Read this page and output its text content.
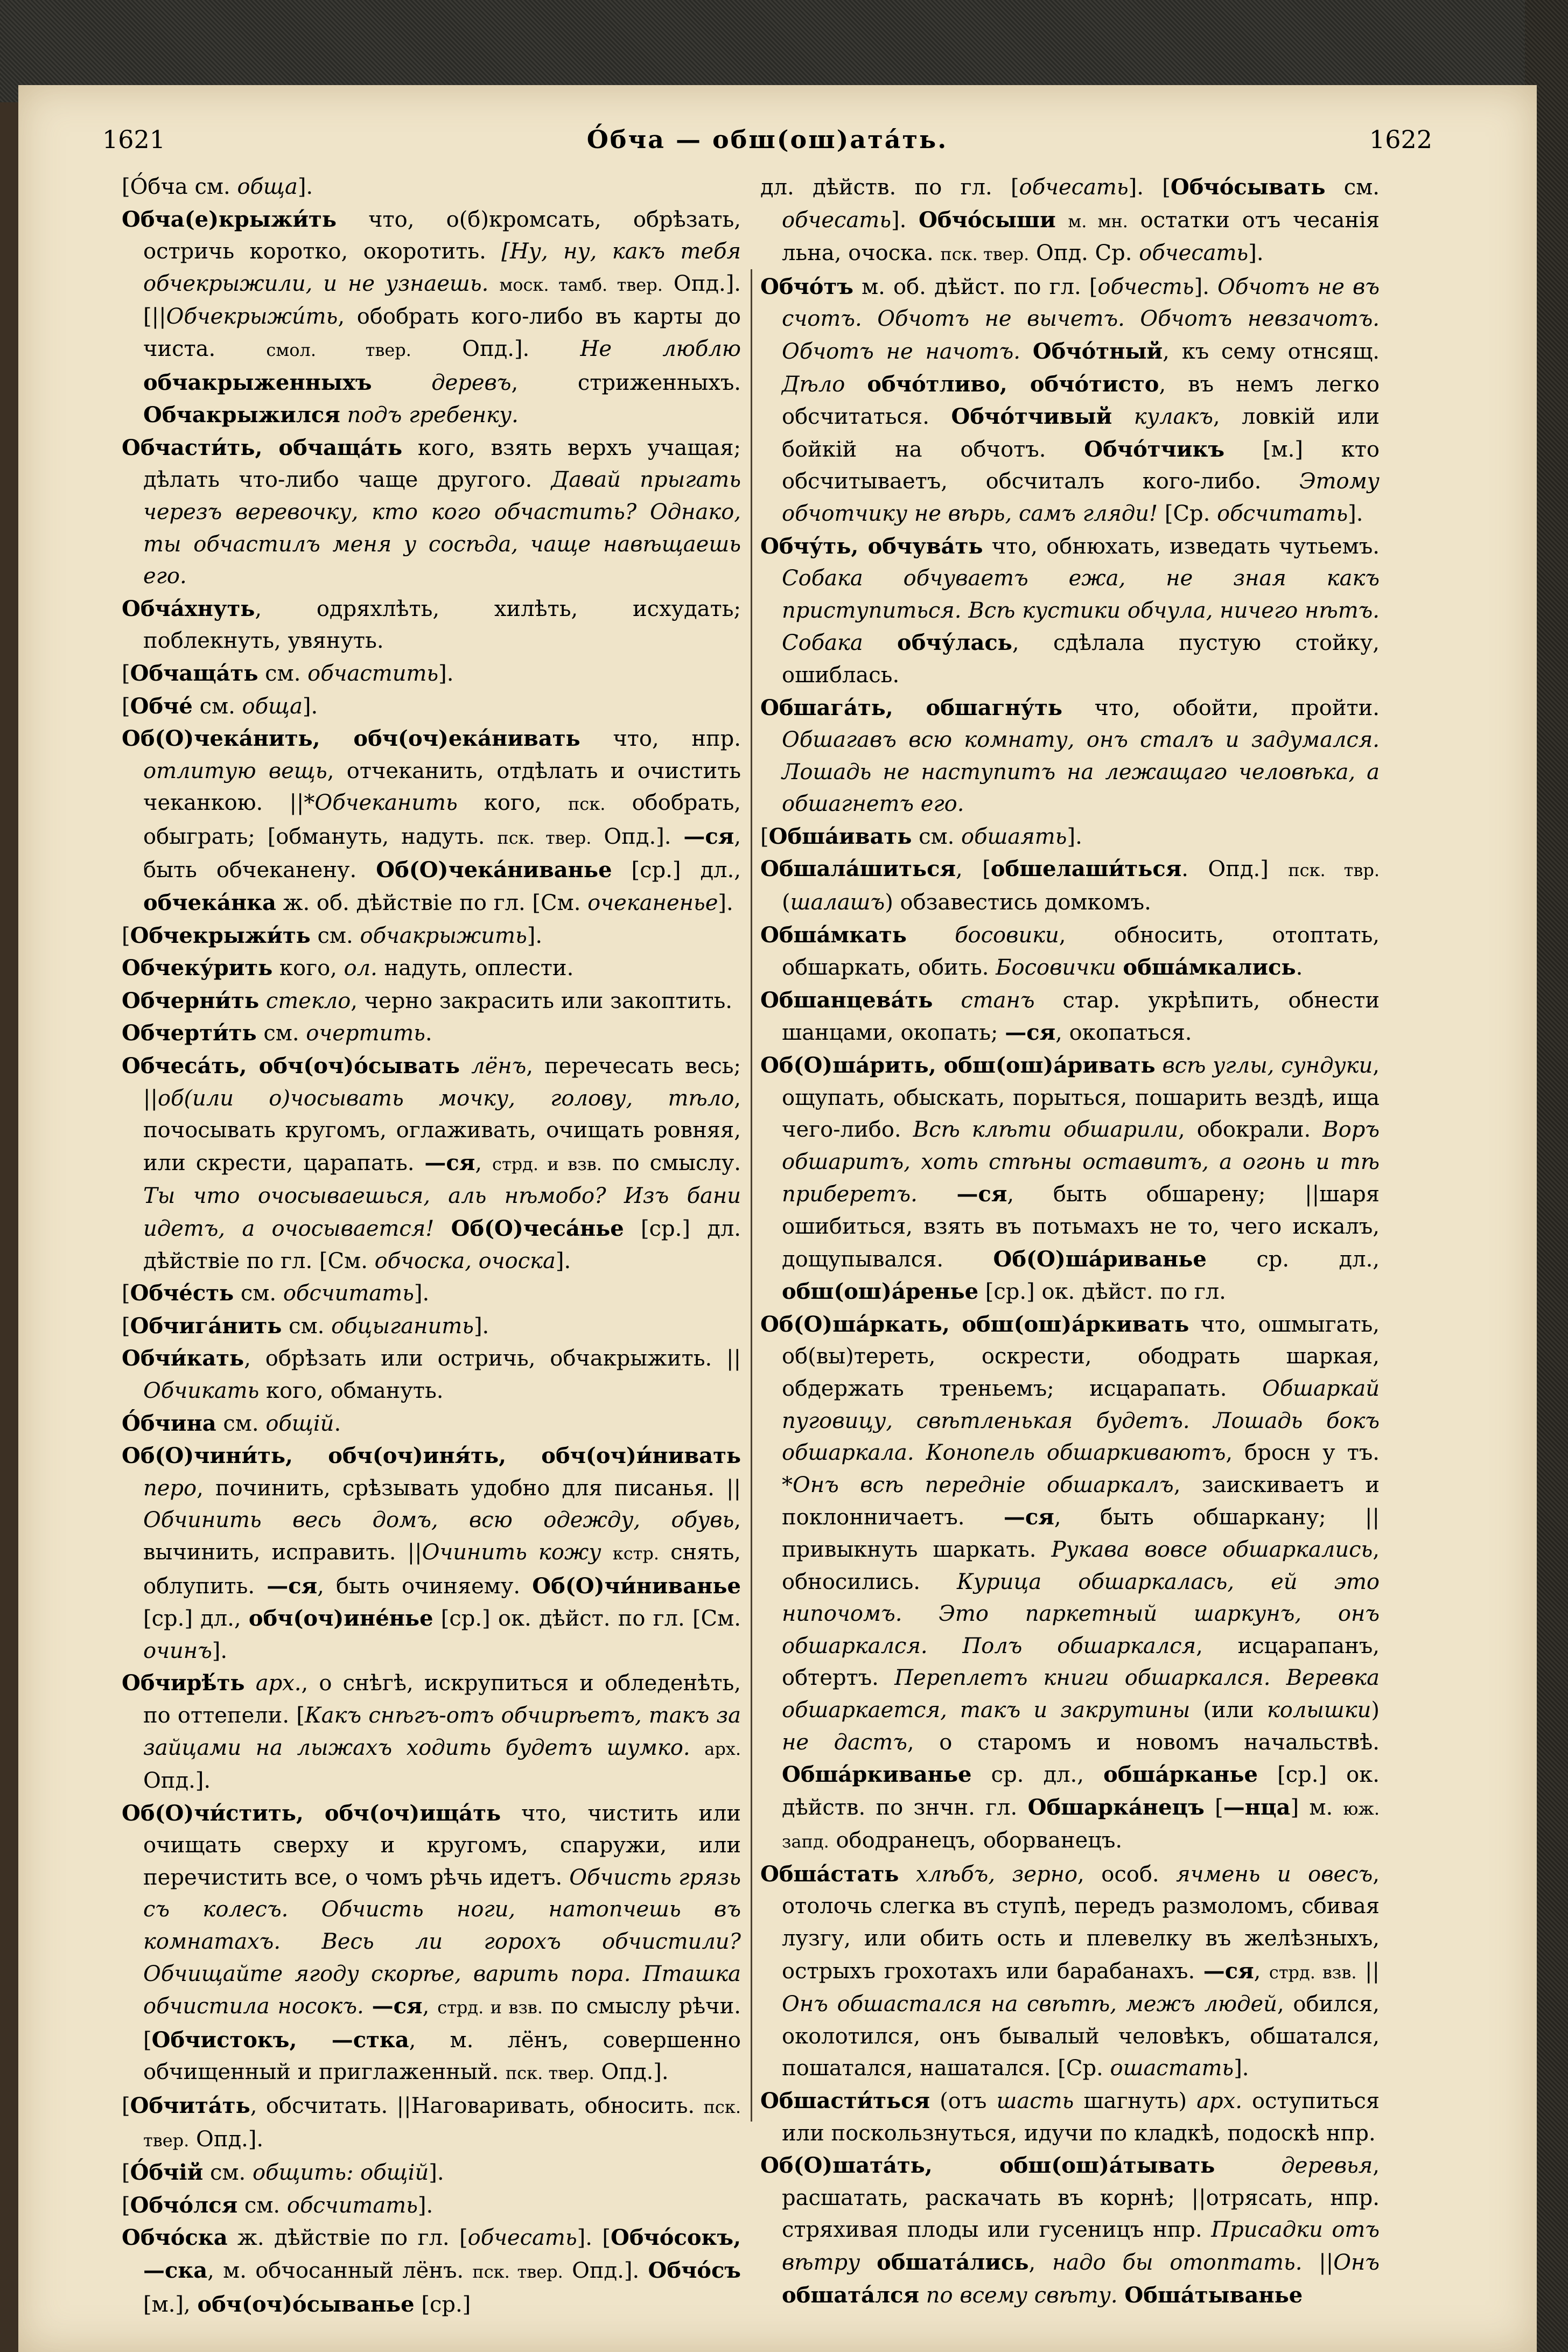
1621	О́бча — обш(ош)ата́ть.	1622

[О́бча см. обща].

Обча(е)крыжи́ть что, о(б)кромсать, обрѣзать, остричь коротко, окоротить. [Ну, ну, какъ тебя обчекрыжили, и не узнаешь. моск. тамб. твер. Опд.]. [||Обчекрыжи́ть, обобрать кого-либо въ карты до чиста. смол. твер. Опд.]. Не люблю обчакрыженныхъ	деревъ, стриженныхъ. Обчакрыжился подъ гребенку.

Обчасти́ть, обчаща́ть кого, взять верхъ учащая; дѣлать что-либо чаще другого. Давай прыгать черезъ веревочку, кто кого обчастить? Однако, ты обчастилъ меня у сосѣда, чаще навѣщаешь его.

Обча́хнуть, одряхлѣть, хилѣть, исхудать; поблекнуть, увянуть.

[Обчаща́ть см. обчастить].

[Обче́ см. обща].

Об(О)чека́нить, обч(оч)ека́нивать что, нпр. отлитую вещь, отчеканить, отдѣлать и очистить чеканкою. ||*Обчеканить кого, пск. обобрать, обыграть; [обмануть, надуть. пск. твер. Опд.]. —ся, быть обчеканену. Об(О)чека́ниванье [ср.] дл., обчека́нка ж. об. дѣйствіе по гл. [См. очеканенье].

[Обчекрыжи́ть см. обчакрыжить].

Обчеку́рить кого, ол. надуть, оплести.

Обчерни́ть стекло, черно закрасить или закоптить.

Обчерти́ть см. очертить.

Обчеса́ть, обч(оч)о́сывать лёнъ, перечесать весь; ||об(или о)чосывать мочку, голову, тѣло, почосывать кругомъ, оглаживать, очищать ровняя, или скрести, царапать. —ся, стрд. и взв. по смыслу. Ты что очосываешься, аль нѣмобо? Изъ бани идетъ, а очосывается! Об(О)чеса́нье [ср.] дл. дѣйствіе по гл. [См. обчоска, очоска].

[Обче́сть см. обсчитать].

[Обчига́нить см. обцыганить].

Обчи́кать, обрѣзать или остричь, обчакрыжить. ||Обчикать кого, обмануть.

О́бчина см. общій.

Об(О)чини́ть, обч(оч)иня́ть, обч(оч)и́нивать перо, починить, срѣзывать удобно для писанья. ||Обчинить весь домъ, всю одежду, обувь, вычинить, исправить. ||Очинить кожу кстр. снять, облупить. —ся, быть очиняему. Об(О)чи́ниванье [ср.] дл., обч(оч)ине́нье [ср.] ок. дѣйст. по гл. [См. очинъ].

Обчирѣ́ть арх., о снѣгѣ, искрупиться и обледенѣть, по оттепели. [Какъ снѣгъ-отъ обчирѣетъ, такъ за зайцами на лыжахъ ходить будетъ шумко. арх. Опд.].

Об(О)чи́стить, обч(оч)ища́ть что, чистить или очищать сверху и кругомъ, спаружи, или перечистить все, о чомъ рѣчь идетъ. Обчисть грязь съ колесъ. Обчисть ноги, натопчешь въ комнатахъ. Весь ли горохъ обчистили? Обчищайте ягоду скорѣе, варить пора. Пташка обчистила носокъ. —ся, стрд. и взв. по смыслу рѣчи. [Обчистокъ, —стка, м. лёнъ, совершенно обчищенный и приглаженный. пск. твер. Опд.].

[Обчита́ть, обсчитать. ||Наговаривать, обносить. пск. твер. Опд.].

[О́бчій см. общить: общій].

[Обчо́лся см. обсчитать].

Обчо́ска ж. дѣйствіе по гл. [обчесать]. [Обчо́сокъ, —ска, м. обчосанный лёнъ. пск. твер. Опд.]. Обчо́съ [м.], обч(оч)о́сыванье [ср.]

дл. дѣйств. по гл. [обчесать]. [Обчо́сывать см. обчесать]. Обчо́сыши м. мн. остатки отъ чесанія льна, очоска. пск. твер. Опд. Ср. обчесать].

Обчо́тъ м. об. дѣйст. по гл. [обчесть]. Обчотъ не въ счотъ. Обчотъ не вычетъ. Обчотъ невзачотъ. Обчотъ не начотъ. Обчо́тный, къ сему отнсящ. Дѣло обчо́тливо, обчо́тисто, въ немъ легко обсчитаться. Обчо́тчивый кулакъ, ловкій или бойкій на обчотъ. Обчо́тчикъ [м.] кто обсчитываетъ, обсчиталъ кого-либо. Этому обчотчику не вѣрь, самъ гляди! [Ср. обсчитать].

Обчу́ть, обчува́ть что, обнюхать, изведать чутьемъ. Собака обчуваетъ ежа, не зная какъ приступиться. Всѣ кустики обчула, ничего нѣтъ. Собака обчу́лась, сдѣлала пустую стойку, ошиблась.

Обшага́ть, обшагну́ть что, обойти, пройти. Обшагавъ всю комнату, онъ сталъ и задумался. Лошадь не наступитъ на лежащаго человѣка, а обшагнетъ его.

[Обша́ивать см. обшаять].

Обшала́шиться, [обшелаши́ться. Опд.] пск. твр. (шалашъ) обзавестись домкомъ.

Обша́мкать босовики, обносить, отоптать, обшаркать, обить. Босовички обша́мкались.

Обшанцева́ть станъ стар. укрѣпить, обнести шанцами, окопать; —ся, окопаться.

Об(О)ша́рить, обш(ош)а́ривать всѣ углы, сундуки, ощупать, обыскать, порыться, пошарить вездѣ, ища чего-либо. Всѣ клѣти обшарили, обокрали. Воръ обшаритъ, хоть стѣны оставитъ, а огонь и тѣ приберетъ. —ся, быть обшарену; ||шаря ошибиться, взять въ потьмахъ не то, чего искалъ, дощупывался. Об(О)ша́риванье ср. дл., обш(ош)а́ренье [ср.] ок. дѣйст. по гл.

Об(О)ша́ркать, обш(ош)а́ркивать что, ошмыгать, об(вы)тереть, оскрести, ободрать шаркая, обдержать треньемъ; исцарапать. Обшаркай пуговицу, свѣтленькая будетъ. Лошадь бокъ обшаркала. Конопель обшаркиваютъ, бросн у тъ. *Онъ всѣ передніе обшаркалъ, заискиваетъ и поклонничаетъ. —ся, быть обшаркану; ||привыкнуть шаркать. Рукава вовсе обшаркались, обносились. Курица обшаркалась, ей это нипочомъ. Это паркетный шаркунъ, онъ обшаркался. Полъ обшаркался, исцарапанъ, обтертъ. Переплетъ книги обшаркался. Веревка обшаркается, такъ и закрутины (или колышки) не дастъ, о старомъ и новомъ начальствѣ. Обша́ркиванье ср. дл., обша́рканье [ср.] ок. дѣйств. по знчн. гл. Обшарка́нецъ [—нца] м. юж. запд. ободранецъ, оборванецъ.

Обша́стать хлѣбъ, зерно, особ. ячмень и овесъ, отолочь слегка въ ступѣ, передъ размоломъ, сбивая лузгу, или обить ость и плевелку въ желѣзныхъ, острыхъ грохотахъ или барабанахъ. —ся, стрд. взв. ||Онъ обшастался на свѣтѣ, межъ людей, обился, околотился, онъ бывалый человѣкъ, обшатался, пошатался, нашатался. [Ср. ошастать].

Обшасти́ться (отъ шасть шагнуть) арх. оступиться или поскользнуться, идучи по кладкѣ, подоскѣ нпр.

Об(О)шата́ть, обш(ош)а́тывать	деревья, расшатать, раскачать въ корнѣ; ||отрясать, нпр. стряхивая плоды или гусеницъ нпр. Присадки отъ вѣтру обшата́лись, надо бы отоптать. ||Онъ обшата́лся по всему свѣту. Обша́тыванье
